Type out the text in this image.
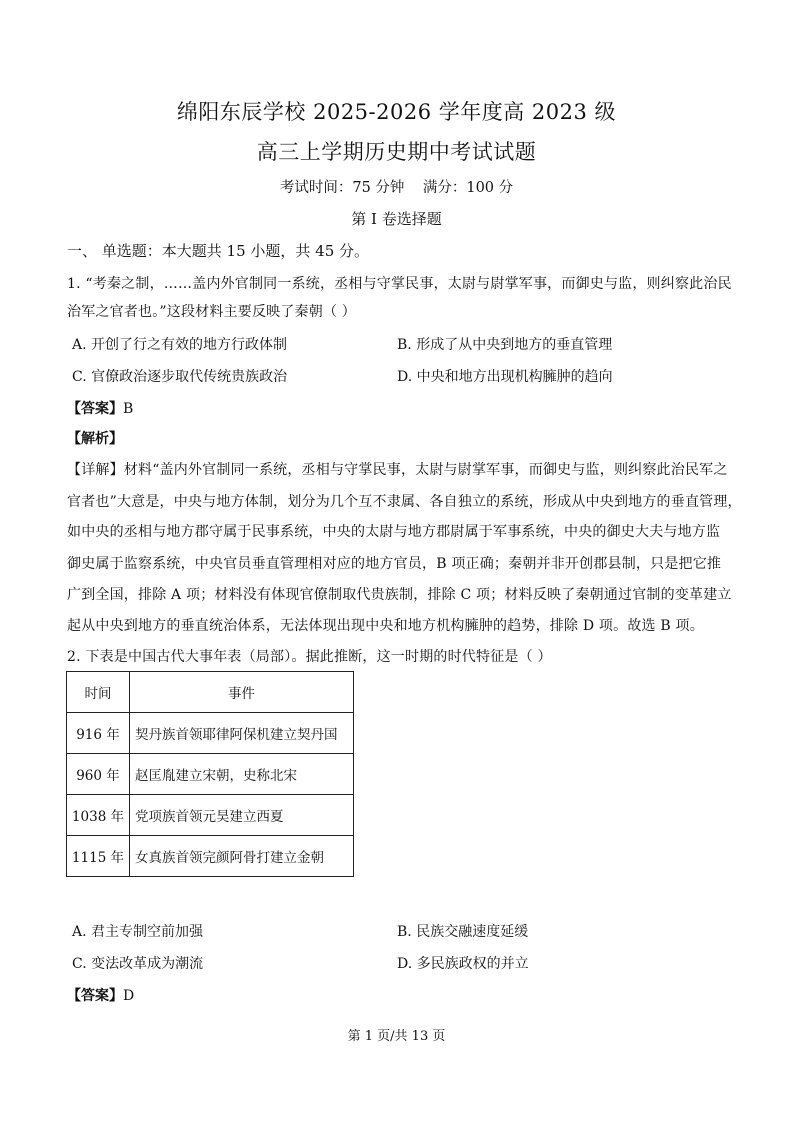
绵阳东辰学校 2025-2026 学年度高 2023 级
高三上学期历史期中考试试题
考试时间：75 分钟    满分：100 分
第 I 卷选择题
一、 单选题：本大题共 15 小题，共 45 分。
1. “考秦之制，……盖内外官制同一系统，丞相与守掌民事，太尉与尉掌军事，而御史与监，则纠察此治民
治军之官者也。”这段材料主要反映了秦朝（ ）
A. 开创了行之有效的地方行政体制	B. 形成了从中央到地方的垂直管理
C. 官僚政治逐步取代传统贵族政治	D. 中央和地方出现机构臃肿的趋向
【答案】B
【解析】
【详解】材料“盖内外官制同一系统，丞相与守掌民事，太尉与尉掌军事，而御史与监，则纠察此治民军之
官者也”大意是，中央与地方体制，划分为几个互不隶属、各自独立的系统，形成从中央到地方的垂直管理，
如中央的丞相与地方郡守属于民事系统，中央的太尉与地方郡尉属于军事系统，中央的御史大夫与地方监
御史属于监察系统，中央官员垂直管理相对应的地方官员，B 项正确；秦朝并非开创郡县制，只是把它推
广到全国，排除 A 项；材料没有体现官僚制取代贵族制，排除 C 项；材料反映了秦朝通过官制的变革建立
起从中央到地方的垂直统治体系，无法体现出现中央和地方机构臃肿的趋势，排除 D 项。故选 B 项。
2. 下表是中国古代大事年表（局部）。据此推断，这一时期的时代特征是（ ）
时间	事件
916 年	契丹族首领耶律阿保机建立契丹国
960 年	赵匡胤建立宋朝，史称北宋
1038 年	党项族首领元昊建立西夏
1115 年	女真族首领完颜阿骨打建立金朝
A. 君主专制空前加强	B. 民族交融速度延缓
C. 变法改革成为潮流	D. 多民族政权的并立
【答案】D
第 1 页/共 13 页
